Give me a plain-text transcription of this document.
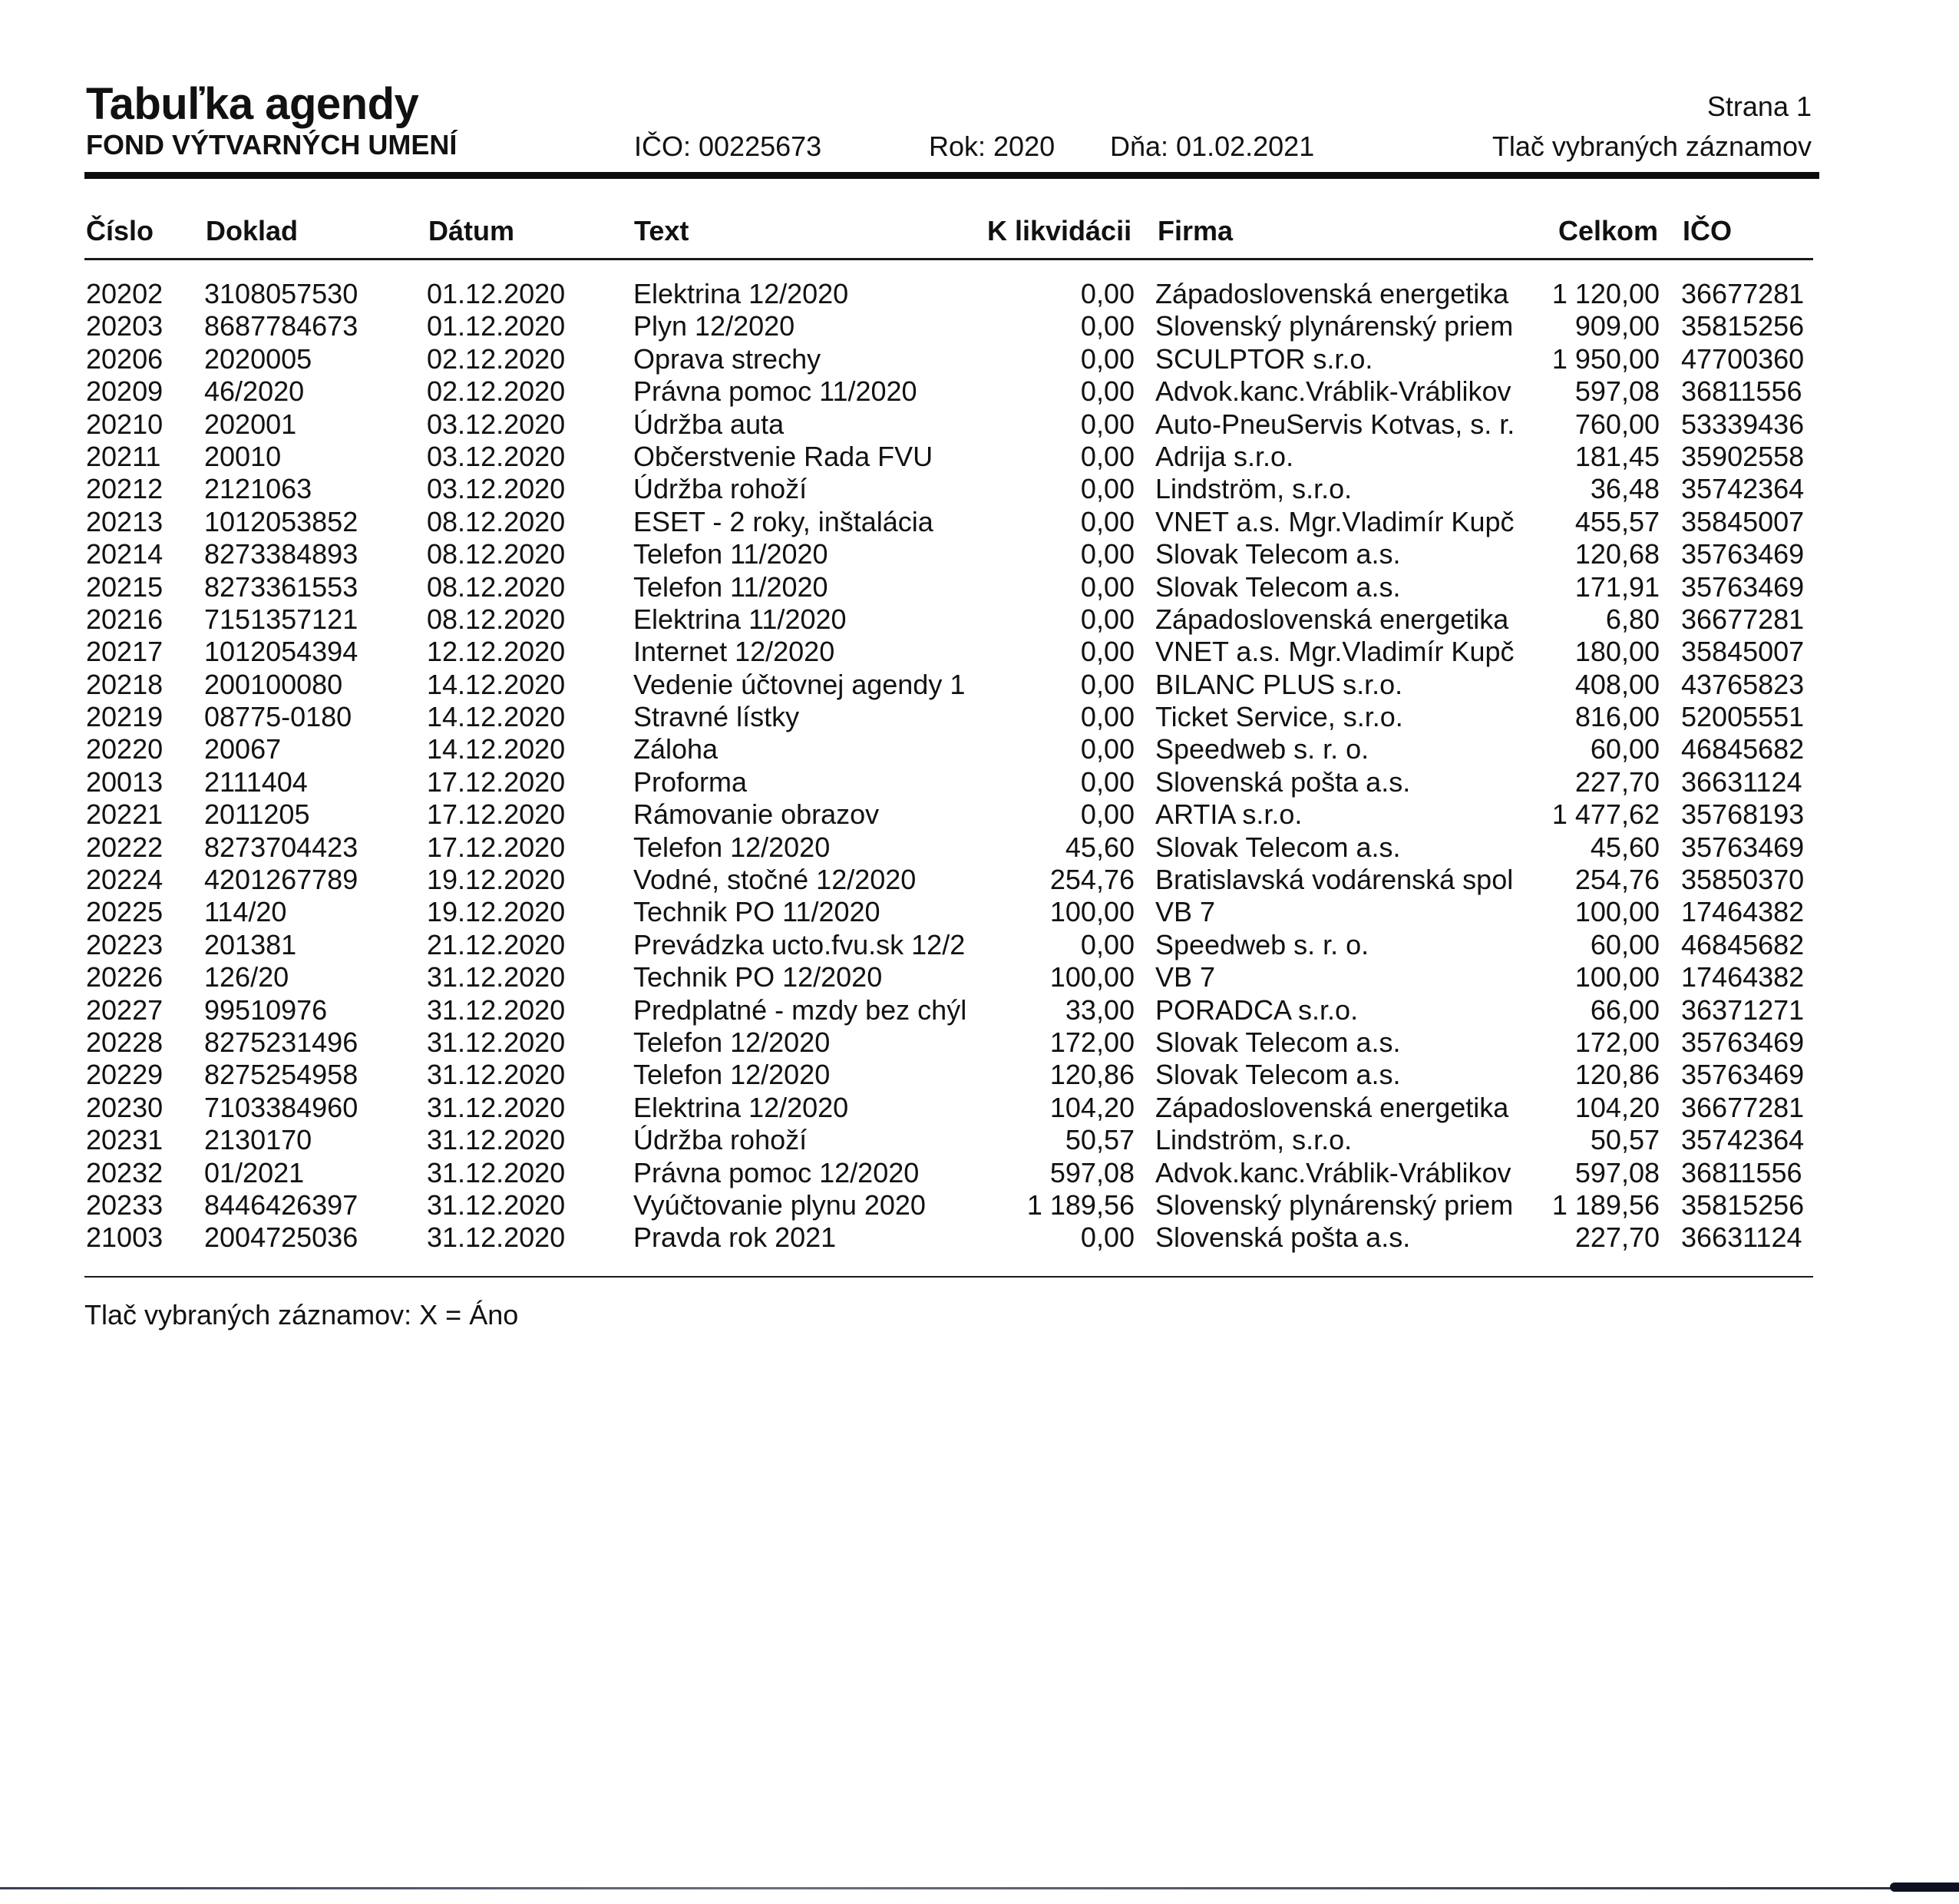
Tabuľka agendy
FOND VÝTVARNÝCH UMENÍ	IČO: 00225673	Rok: 2020 Dňa: 01.02.2021
Strana 1
Tlač vybraných záznamov
Číslo Doklad	Dátum	Text	K likvidácii Firma	Celkom IČO
20202	3108057530	01.12.2020	Elektrina 12/2020	0,00 Západoslovenská energetika	1 120,00 36677281
20203	8687784673	01.12.2020	Plyn 12/2020	0,00 Slovenský plynárenský priem	909,00 35815256
20206	2020005	02.12.2020	Oprava strechy	0,00 SCULPTOR s.r.o.	1 950,00 47700360
20209	46/2020	02.12.2020	Právna pomoc 11/2020	0,00 Advok.kanc.Vráblik-Vráblikov	597,08 36811556
20210	202001	03.12.2020	Údržba auta	0,00 Auto-PneuServis Kotvas, s. r.	760,00 53339436
20211	20010	03.12.2020	Občerstvenie Rada FVU	0,00 Adrija s.r.o.	181,45 35902558
20212	2121063	03.12.2020	Údržba rohoží	0,00 Lindström, s.r.o.	36,48 35742364
20213	1012053852	08.12.2020	ESET - 2 roky, inštalácia	0,00 VNET a.s. Mgr.Vladimír Kupč	455,57 35845007
20214	8273384893	08.12.2020	Telefon 11/2020	0,00 Slovak Telecom a.s.	120,68 35763469
20215	8273361553	08.12.2020	Telefon 11/2020	0,00 Slovak Telecom a.s.	171,91 35763469
20216	7151357121	08.12.2020	Elektrina 11/2020	0,00 Západoslovenská energetika	6,80 36677281
20217	1012054394	12.12.2020	Internet 12/2020	0,00 VNET a.s. Mgr.Vladimír Kupč	180,00 35845007
20218	200100080	14.12.2020	Vedenie účtovnej agendy 1	0,00 BILANC PLUS s.r.o.	408,00 43765823
20219	08775-0180	14.12.2020	Stravné lístky	0,00 Ticket Service, s.r.o.	816,00 52005551
20220	20067	14.12.2020	Záloha	0,00 Speedweb s. r. o.	60,00 46845682
20013	2111404	17.12.2020	Proforma	0,00 Slovenská pošta a.s.	227,70 36631124
20221	2011205	17.12.2020	Rámovanie obrazov	0,00 ARTIA s.r.o.	1 477,62 35768193
20222	8273704423	17.12.2020	Telefon 12/2020	45,60 Slovak Telecom a.s.	45,60 35763469
20224	4201267789	19.12.2020	Vodné, stočné 12/2020	254,76 Bratislavská vodárenská spol	254,76 35850370
20225	114/20	19.12.2020	Technik PO 11/2020	100,00 VB 7	100,00 17464382
20223	201381	21.12.2020	Prevádzka ucto.fvu.sk 12/2	0,00 Speedweb s. r. o.	60,00 46845682
20226	126/20	31.12.2020	Technik PO 12/2020	100,00 VB 7	100,00 17464382
20227	99510976	31.12.2020	Predplatné - mzdy bez chýl	33,00 PORADCA s.r.o.	66,00 36371271
20228	8275231496	31.12.2020	Telefon 12/2020	172,00 Slovak Telecom a.s.	172,00 35763469
20229	8275254958	31.12.2020	Telefon 12/2020	120,86 Slovak Telecom a.s.	120,86 35763469
20230	7103384960	31.12.2020	Elektrina 12/2020	104,20 Západoslovenská energetika	104,20 36677281
20231	2130170	31.12.2020	Údržba rohoží	50,57 Lindström, s.r.o.	50,57 35742364
20232	01/2021	31.12.2020	Právna pomoc 12/2020	597,08 Advok.kanc.Vráblik-Vráblikov	597,08 36811556
20233	8446426397	31.12.2020	Vyúčtovanie plynu 2020	1 189,56 Slovenský plynárenský priem	1 189,56 35815256
21003	2004725036	31.12.2020	Pravda rok 2021	0,00 Slovenská pošta a.s.	227,70 36631124
Tlač vybraných záznamov: X = Áno
